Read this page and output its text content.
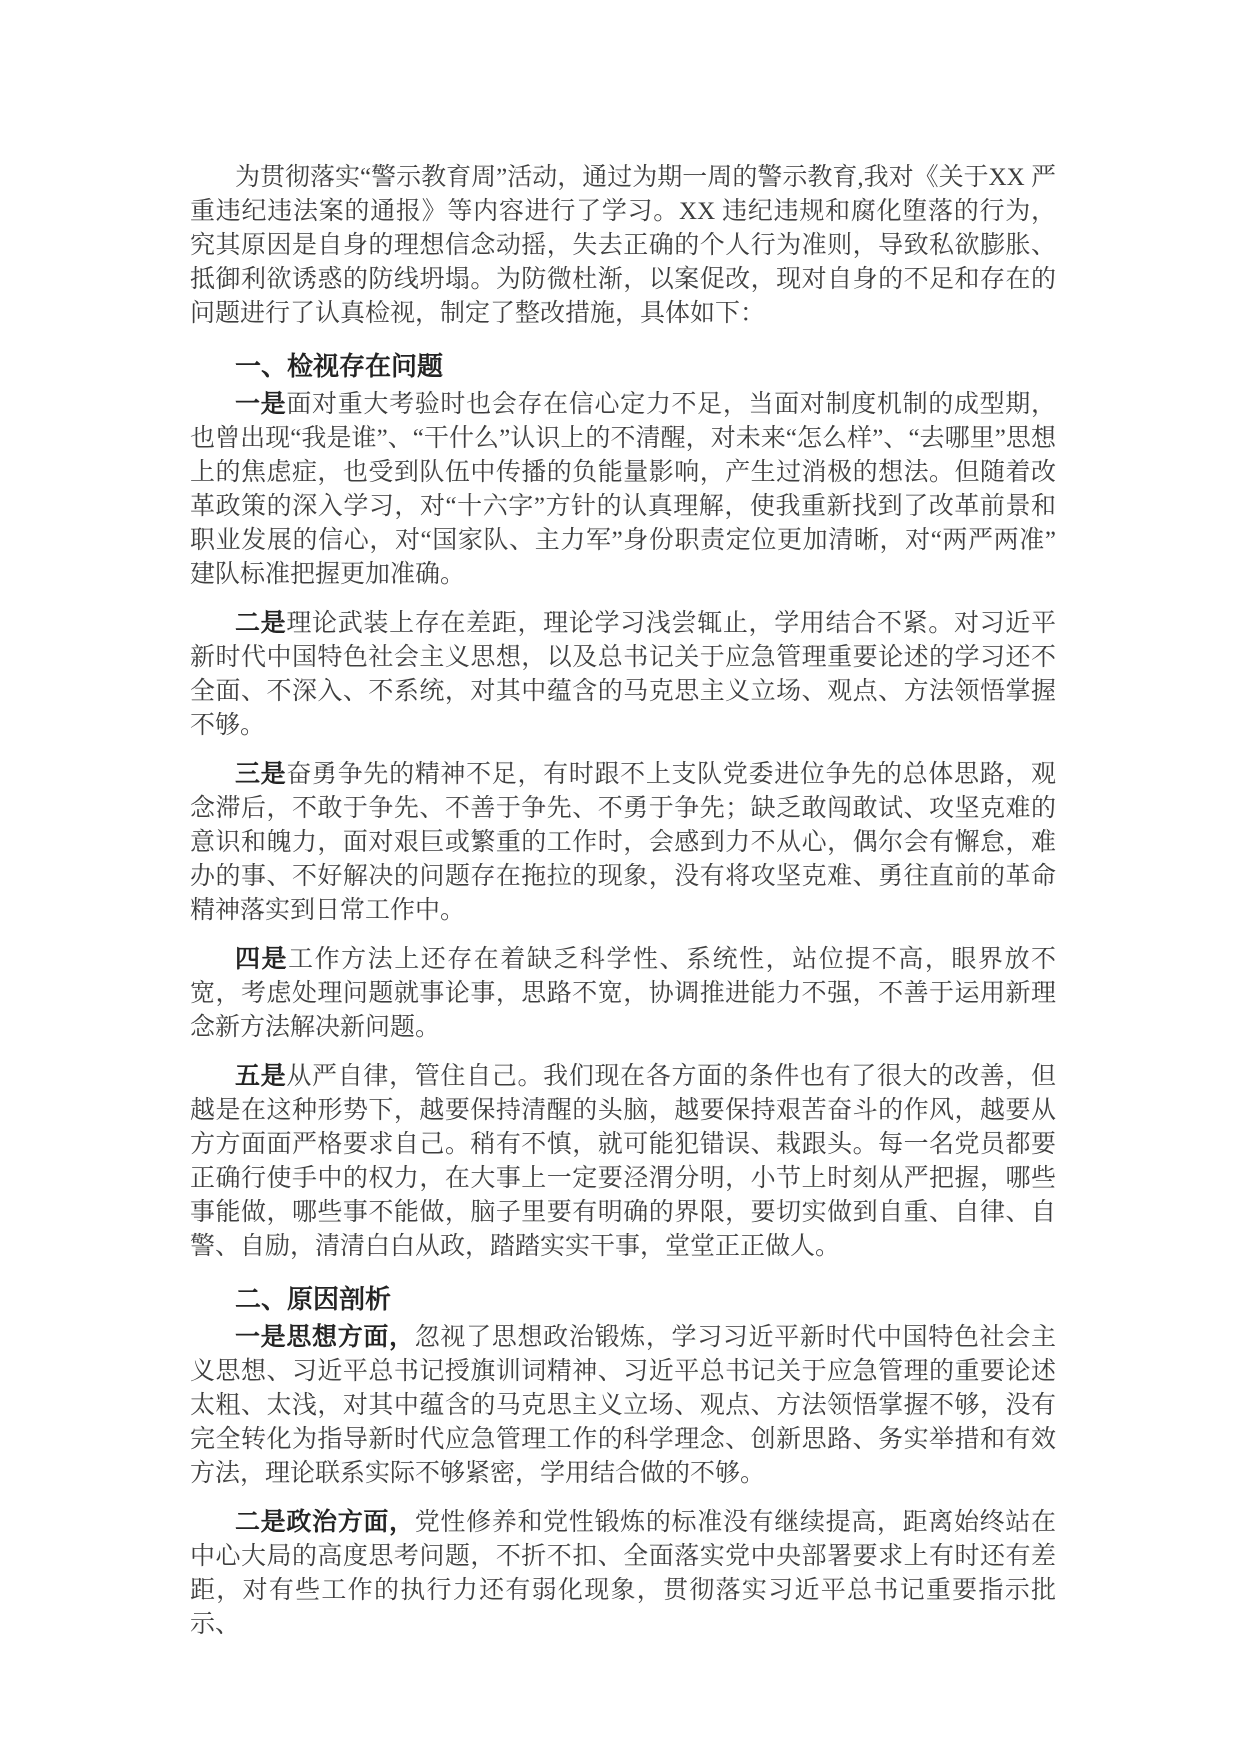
为贯彻落实“警示教育周”活动，通过为期一周的警示教育,我对《关于XX 严重违纪违法案的通报》等内容进行了学习。XX 违纪违规和腐化堕落的行为，究其原因是自身的理想信念动摇，失去正确的个人行为准则，导致私欲膨胀、抵御利欲诱惑的防线坍塌。为防微杜渐，以案促改，现对自身的不足和存在的问题进行了认真检视，制定了整改措施，具体如下：

一、检视存在问题

一是面对重大考验时也会存在信心定力不足，当面对制度机制的成型期，也曾出现“我是谁”、“干什么”认识上的不清醒，对未来“怎么样”、“去哪里”思想上的焦虑症，也受到队伍中传播的负能量影响，产生过消极的想法。但随着改革政策的深入学习，对“十六字”方针的认真理解，使我重新找到了改革前景和职业发展的信心，对“国家队、主力军”身份职责定位更加清晰，对“两严两准”建队标准把握更加准确。

二是理论武装上存在差距，理论学习浅尝辄止，学用结合不紧。对习近平新时代中国特色社会主义思想，以及总书记关于应急管理重要论述的学习还不全面、不深入、不系统，对其中蕴含的马克思主义立场、观点、方法领悟掌握不够。

三是奋勇争先的精神不足，有时跟不上支队党委进位争先的总体思路，观念滞后，不敢于争先、不善于争先、不勇于争先；缺乏敢闯敢试、攻坚克难的意识和魄力，面对艰巨或繁重的工作时，会感到力不从心，偶尔会有懈怠，难办的事、不好解决的问题存在拖拉的现象，没有将攻坚克难、勇往直前的革命精神落实到日常工作中。

四是工作方法上还存在着缺乏科学性、系统性，站位提不高，眼界放不宽，考虑处理问题就事论事，思路不宽，协调推进能力不强，不善于运用新理念新方法解决新问题。

五是从严自律，管住自己。我们现在各方面的条件也有了很大的改善，但越是在这种形势下，越要保持清醒的头脑，越要保持艰苦奋斗的作风，越要从方方面面严格要求自己。稍有不慎，就可能犯错误、栽跟头。每一名党员都要正确行使手中的权力，在大事上一定要泾渭分明，小节上时刻从严把握，哪些事能做，哪些事不能做，脑子里要有明确的界限，要切实做到自重、自律、自警、自励，清清白白从政，踏踏实实干事，堂堂正正做人。

二、原因剖析

一是思想方面，忽视了思想政治锻炼，学习习近平新时代中国特色社会主义思想、习近平总书记授旗训词精神、习近平总书记关于应急管理的重要论述太粗、太浅，对其中蕴含的马克思主义立场、观点、方法领悟掌握不够，没有完全转化为指导新时代应急管理工作的科学理念、创新思路、务实举措和有效方法，理论联系实际不够紧密，学用结合做的不够。

二是政治方面，党性修养和党性锻炼的标准没有继续提高，距离始终站在中心大局的高度思考问题，不折不扣、全面落实党中央部署要求上有时还有差距，对有些工作的执行力还有弱化现象，贯彻落实习近平总书记重要指示批示、
